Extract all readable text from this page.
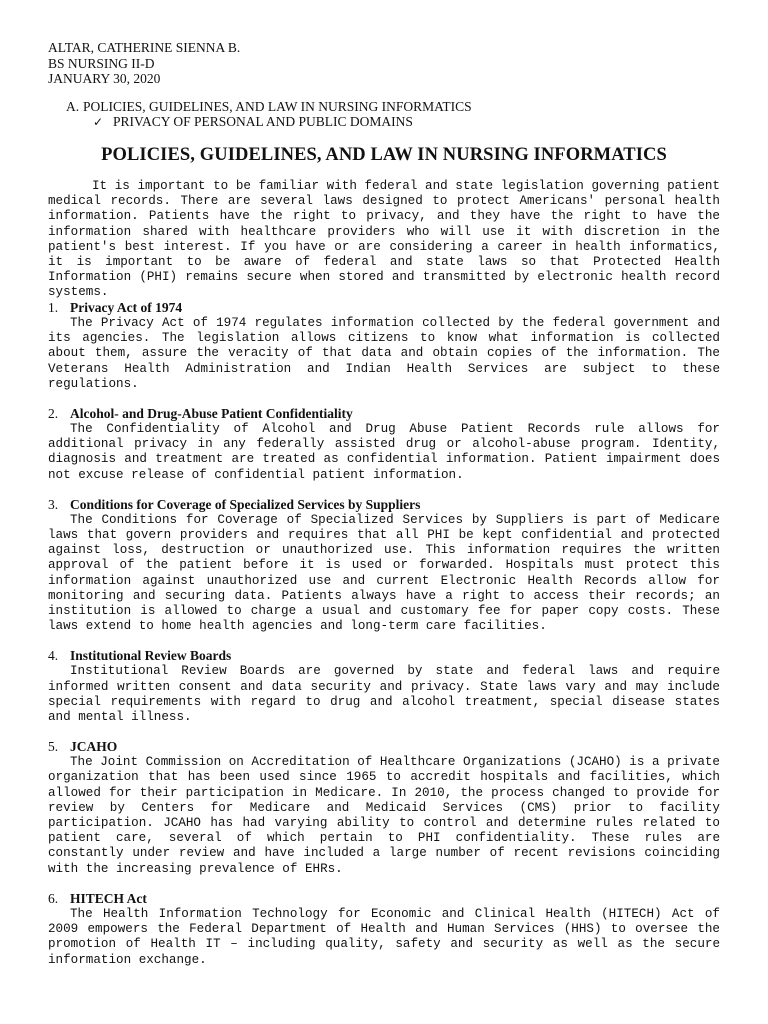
ALTAR, CATHERINE SIENNA B.
BS NURSING II-D
JANUARY 30, 2020
A. POLICIES, GUIDELINES, AND LAW IN NURSING INFORMATICS
✓ PRIVACY OF PERSONAL AND PUBLIC DOMAINS
POLICIES, GUIDELINES, AND LAW IN NURSING INFORMATICS

It is important to be familiar with federal and state legislation governing patient medical records. There are several laws designed to protect Americans' personal health information. Patients have the right to privacy, and they have the right to have the information shared with healthcare providers who will use it with discretion in the patient's best interest. If you have or are considering a career in health informatics, it is important to be aware of federal and state laws so that Protected Health Information (PHI) remains secure when stored and transmitted by electronic health record systems.

1. Privacy Act of 1974

The Privacy Act of 1974 regulates information collected by the federal government and its agencies. The legislation allows citizens to know what information is collected about them, assure the veracity of that data and obtain copies of the information. The Veterans Health Administration and Indian Health Services are subject to these regulations.

2. Alcohol- and Drug-Abuse Patient Confidentiality

The Confidentiality of Alcohol and Drug Abuse Patient Records rule allows for additional privacy in any federally assisted drug or alcohol-abuse program. Identity, diagnosis and treatment are treated as confidential information. Patient impairment does not excuse release of confidential patient information.

3. Conditions for Coverage of Specialized Services by Suppliers

The Conditions for Coverage of Specialized Services by Suppliers is part of Medicare laws that govern providers and requires that all PHI be kept confidential and protected against loss, destruction or unauthorized use. This information requires the written approval of the patient before it is used or forwarded. Hospitals must protect this information against unauthorized use and current Electronic Health Records allow for monitoring and securing data. Patients always have a right to access their records; an institution is allowed to charge a usual and customary fee for paper copy costs. These laws extend to home health agencies and long-term care facilities.

4. Institutional Review Boards

Institutional Review Boards are governed by state and federal laws and require informed written consent and data security and privacy. State laws vary and may include special requirements with regard to drug and alcohol treatment, special disease states and mental illness.

5. JCAHO

The Joint Commission on Accreditation of Healthcare Organizations (JCAHO) is a private organization that has been used since 1965 to accredit hospitals and facilities, which allowed for their participation in Medicare. In 2010, the process changed to provide for review by Centers for Medicare and Medicaid Services (CMS) prior to facility participation. JCAHO has had varying ability to control and determine rules related to patient care, several of which pertain to PHI confidentiality. These rules are constantly under review and have included a large number of recent revisions coinciding with the increasing prevalence of EHRs.

6. HITECH Act

The Health Information Technology for Economic and Clinical Health (HITECH) Act of 2009 empowers the Federal Department of Health and Human Services (HHS) to oversee the promotion of Health IT – including quality, safety and security as well as the secure information exchange.
